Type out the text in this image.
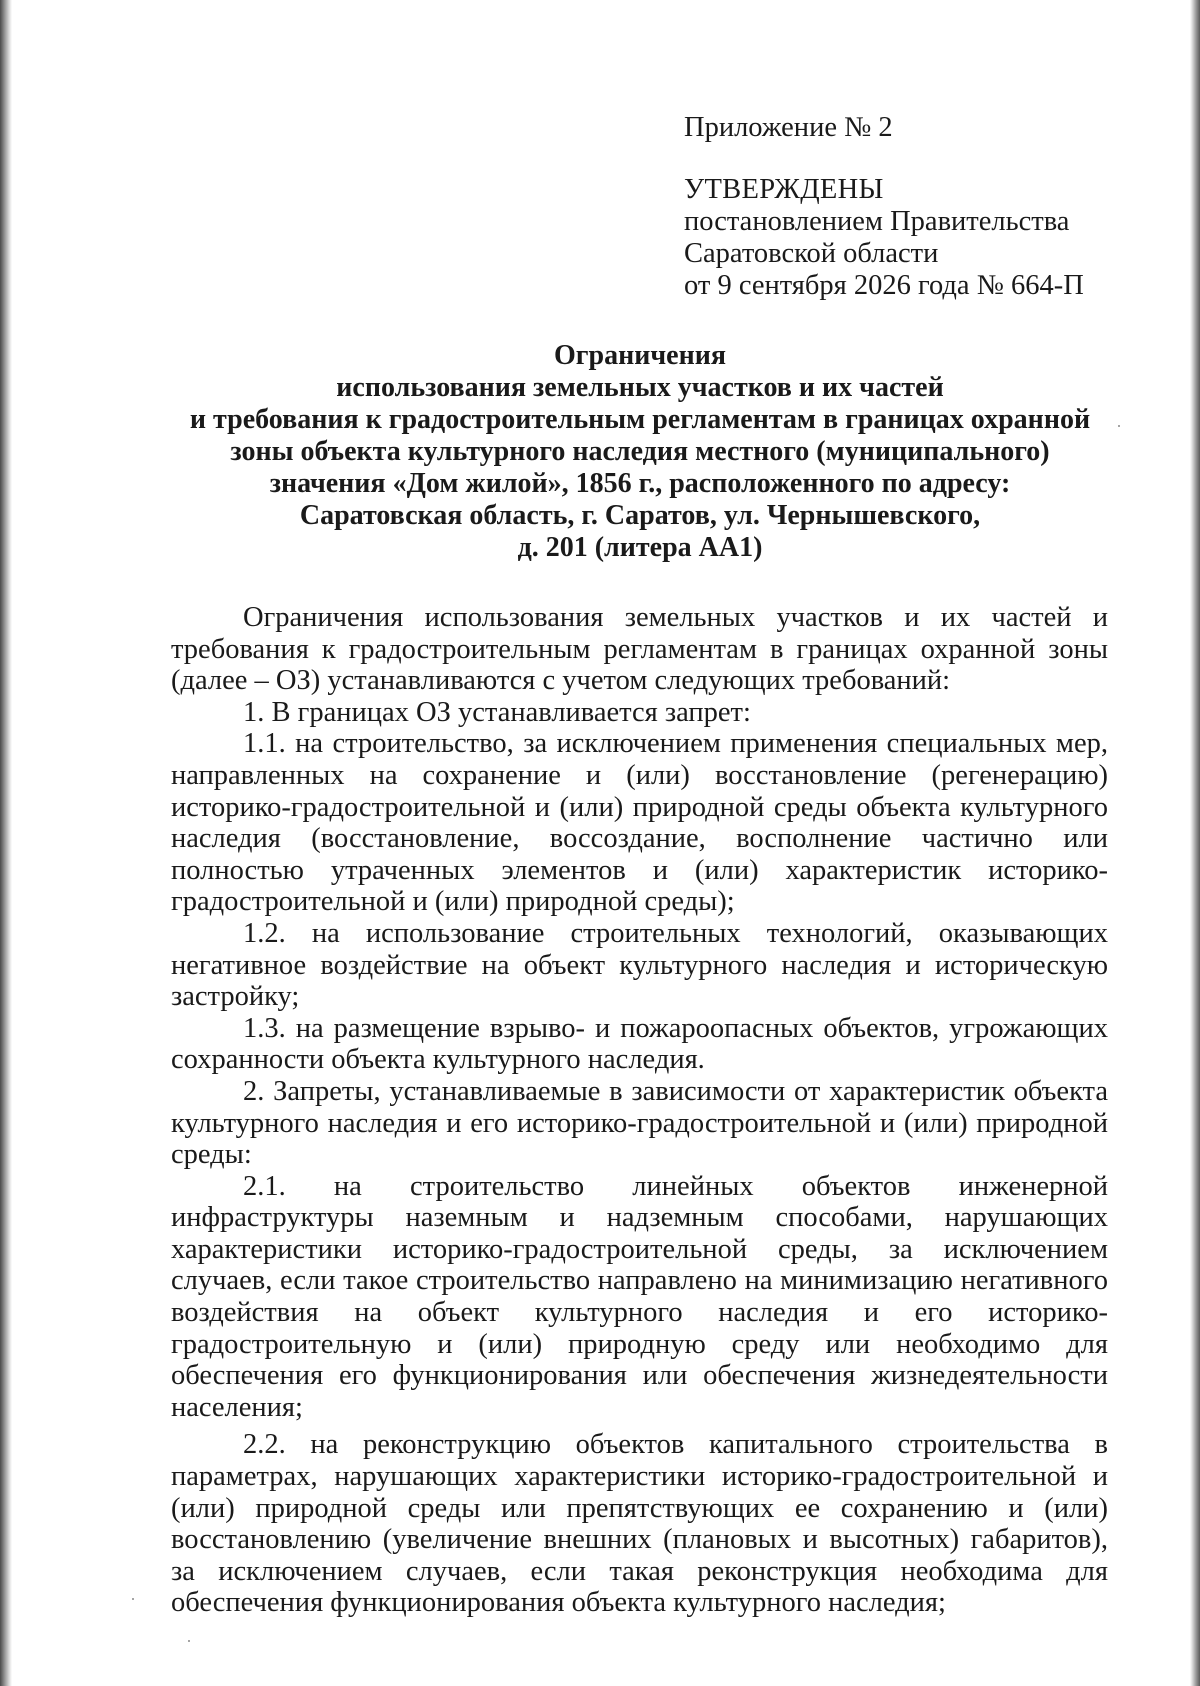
Приложение № 2
УТВЕРЖДЕНЫ
постановлением Правительства
Саратовской области
от 9 сентября 2026 года № 664-П
Ограничения
использования земельных участков и их частей
и требования к градостроительным регламентам в границах охранной
зоны объекта культурного наследия местного (муниципального)
значения «Дом жилой», 1856 г., расположенного по адресу:
Саратовская область, г. Саратов, ул. Чернышевского,
д. 201 (литера АА1)

Ограничения использования земельных участков и их частей и требования к градостроительным регламентам в границах охранной зоны (далее – ОЗ) устанавливаются с учетом следующих требований:

1. В границах ОЗ устанавливается запрет:

1.1. на строительство, за исключением применения специальных мер, направленных на сохранение и (или) восстановление (регенерацию) историко-градостроительной и (или) природной среды объекта культурного наследия (восстановление, воссоздание, восполнение частично или полностью утраченных элементов и (или) характеристик историко-градостроительной и (или) природной среды);

1.2. на использование строительных технологий, оказывающих негативное воздействие на объект культурного наследия и историческую застройку;

1.3. на размещение взрыво- и пожароопасных объектов, угрожающих сохранности объекта культурного наследия.

2. Запреты, устанавливаемые в зависимости от характеристик объекта культурного наследия и его историко-градостроительной и (или) природной среды:

2.1. на строительство линейных объектов инженерной инфраструктуры наземным и надземным способами, нарушающих характеристики историко-градостроительной среды, за исключением случаев, если такое строительство направлено на минимизацию негативного воздействия на объект культурного наследия и его историко-градостроительную и (или) природную среду или необходимо для обеспечения его функционирования или обеспечения жизнедеятельности населения;

2.2. на реконструкцию объектов капитального строительства в параметрах, нарушающих характеристики историко-градостроительной и (или) природной среды или препятствующих ее сохранению и (или) восстановлению (увеличение внешних (плановых и высотных) габаритов), за исключением случаев, если такая реконструкция необходима для обеспечения функционирования объекта культурного наследия;
